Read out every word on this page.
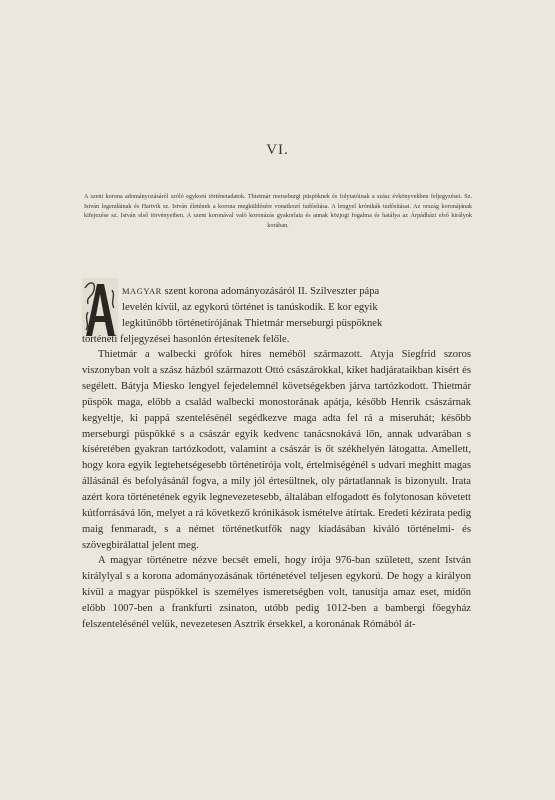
VI.
A szent korona adományozásáról szóló egykorú történetadatok. Thietmár merseburgi püspöknek és folytatóinak a szász évkönyvekben feljegyzései. Sz. István legendáinak és Hartvik sz. István életének a korona megküldésére vonatkozó tudósítása. A lengyel krónikák tudósításai. Az ország koronájának kifejezése sz. István első törvényeiben. A szent koronával való koronázás gyakorlata és annak közjogi fogalma és hatálya az Árpádházi első királyok korában.
MAGYAR szent korona adományozásáról II. Szilveszter pápa
levelén kívül, az egykorú történet is tanúskodik. E kor egyik
legkitűnőbb történetírójának Thietmár merseburgi püspöknek

történeti feljegyzései hasonlón értesítenek felőle.

Thietmár a walbecki grófok híres neméből származott. Atyja Siegfrid szoros viszonyban volt a szász házból származott Ottó császárokkal, kiket hadjárataikban kísért és segélett. Bátyja Miesko lengyel fejedelemnél követségekben járva tartózkodott. Thietmár püspök maga, előbb a család walbecki monostorának apátja, később Henrik császárnak kegyeltje, ki pappá szentelésénél segédkezve maga adta fel rá a miseruhát; később merseburgi püspökké s a császár egyik kedvenc tanácsnokává lőn, annak udvarában s kíséretében gyakran tartózkodott, valamint a császár is őt székhelyén látogatta. Amellett, hogy kora egyik legtehetségesebb történetírója volt, értelmiségénél s udvari meghitt magas állásánál és befolyásánál fogva, a mily jól értesültnek, oly pártatlannak is bizonyult. Irata azért kora történetének egyik legnevezetesebb, általában elfogadott és folytonosan követett kútforrásává lőn, melyet a rá következő krónikások ismételve átírtak. Eredeti kézirata pedig maig fenmaradt, s a német történetkutfők nagy kiadásában kiváló történelmi- és szövegbirálattal jelent meg.

A magyar történetre nézve becsét emeli, hogy írója 976-ban született, szent István királylyal s a korona adományozásának történetével teljesen egykorú. De hogy a királyon kívül a magyar püspökkel is személyes ismeretségben volt, tanusítja amaz eset, midőn előbb 1007-ben a frankfurti zsinaton, utóbb pedig 1012-ben a bambergi főegyház felszentelésénél velük, nevezetesen Asztrik érsekkel, a koronának Rómából át-
